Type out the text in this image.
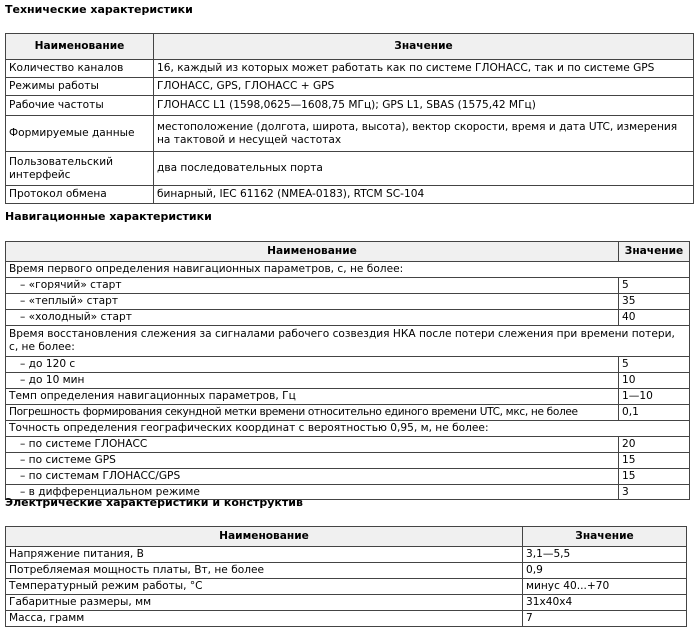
Технические характеристики
Наименование	Значение
Количество каналов	16, каждый из которых может работать как по системе ГЛОНАСС, так и по системе GPS
Режимы работы	ГЛОНАСС, GPS, ГЛОНАСС + GPS
Рабочие частоты	ГЛОНАСС L1 (1598,0625—1608,75 МГц); GPS L1, SBAS (1575,42 МГц)
Формируемые данные	местоположение (долгота, широта, высота), вектор скорости, время и дата UTC, измерения на тактовой и несущей частотах
Пользовательский интерфейс	два последовательных порта
Протокол обмена	бинарный, IEC 61162 (NMEA-0183), RTCM SC-104
Навигационные характеристики
Наименование	Значение
Время первого определения навигационных параметров, с, не более:	
– «горячий» старт	5
– «теплый» старт	35
– «холодный» старт	40
Время восстановления слежения за сигналами рабочего созвездия НКА после потери слежения при времени потери, с, не более:	
– до 120 с	5
– до 10 мин	10
Темп определения навигационных параметров, Гц	1—10
Погрешность формирования секундной метки времени относительно единого времени UTC, мкс, не более	0,1
Точность определения географических координат с вероятностью 0,95, м, не более:	
– по системе ГЛОНАСС	20
– по системе GPS	15
– по системам ГЛОНАСС/GPS	15
– в дифференциальном режиме	3
Электрические характеристики и конструктив
Наименование	Значение
Напряжение питания, В	3,1—5,5
Потребляемая мощность платы, Вт, не более	0,9
Температурный режим работы, °C	минус 40...+70
Габаритные размеры, мм	31x40x4
Масса, грамм	7
